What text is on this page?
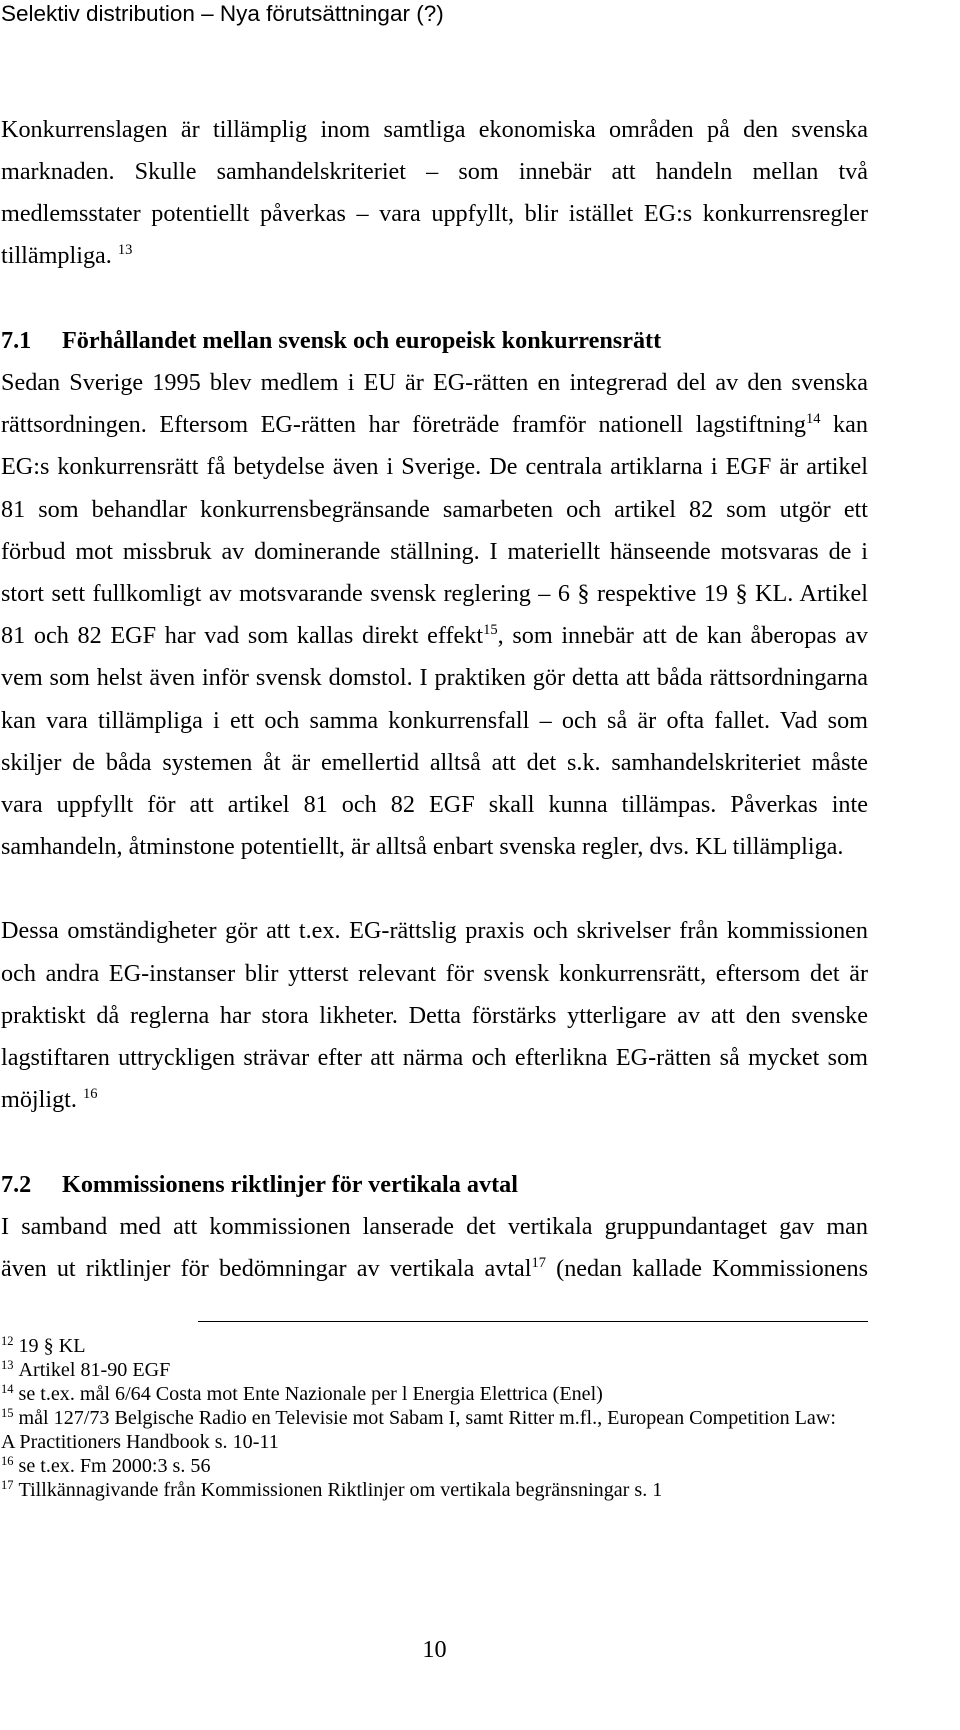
Selektiv distribution – Nya förutsättningar (?)
Konkurrenslagen är tillämplig inom samtliga ekonomiska områden på den svenska
marknaden. Skulle samhandelskriteriet – som innebär att handeln mellan två
medlemsstater potentiellt påverkas – vara uppfyllt, blir istället EG:s konkurrensregler
tillämpliga. $^{13}$
7.1 Förhållandet mellan svensk och europeisk konkurrensrätt
Sedan Sverige 1995 blev medlem i EU är EG-rätten en integrerad del av den svenska
rättsordningen. Eftersom EG-rätten har företräde framför nationell lagstiftning$^{14}$ kan
EG:s konkurrensrätt få betydelse även i Sverige. De centrala artiklarna i EGF är artikel
81 som behandlar konkurrensbegränsande samarbeten och artikel 82 som utgör ett
förbud mot missbruk av dominerande ställning. I materiellt hänseende motsvaras de i
stort sett fullkomligt av motsvarande svensk reglering – 6 § respektive 19 § KL. Artikel
81 och 82 EGF har vad som kallas direkt effekt$^{15}$, som innebär att de kan åberopas av
vem som helst även inför svensk domstol. I praktiken gör detta att båda rättsordningarna
kan vara tillämpliga i ett och samma konkurrensfall – och så är ofta fallet. Vad som
skiljer de båda systemen åt är emellertid alltså att det s.k. samhandelskriteriet måste
vara uppfyllt för att artikel 81 och 82 EGF skall kunna tillämpas. Påverkas inte
samhandeln, åtminstone potentiellt, är alltså enbart svenska regler, dvs. KL tillämpliga.
Dessa omständigheter gör att t.ex. EG-rättslig praxis och skrivelser från kommissionen
och andra EG-instanser blir ytterst relevant för svensk konkurrensrätt, eftersom det är
praktiskt då reglerna har stora likheter. Detta förstärks ytterligare av att den svenske
lagstiftaren uttryckligen strävar efter att närma och efterlikna EG-rätten så mycket som
möjligt. $^{16}$
7.2 Kommissionens riktlinjer för vertikala avtal
I samband med att kommissionen lanserade det vertikala gruppundantaget gav man
även ut riktlinjer för bedömningar av vertikala avtal$^{17}$ (nedan kallade Kommissionens
$^{12}$ 19 § KL
$^{13}$ Artikel 81-90 EGF
$^{14}$ se t.ex. mål 6/64 Costa mot Ente Nazionale per l Energia Elettrica (Enel)
$^{15}$ mål 127/73 Belgische Radio en Televisie mot Sabam I, samt Ritter m.fl., European Competition Law:
A Practitioners Handbook s. 10-11
$^{16}$ se t.ex. Fm 2000:3 s. 56
$^{17}$ Tillkännagivande från Kommissionen Riktlinjer om vertikala begränsningar s. 1
10
